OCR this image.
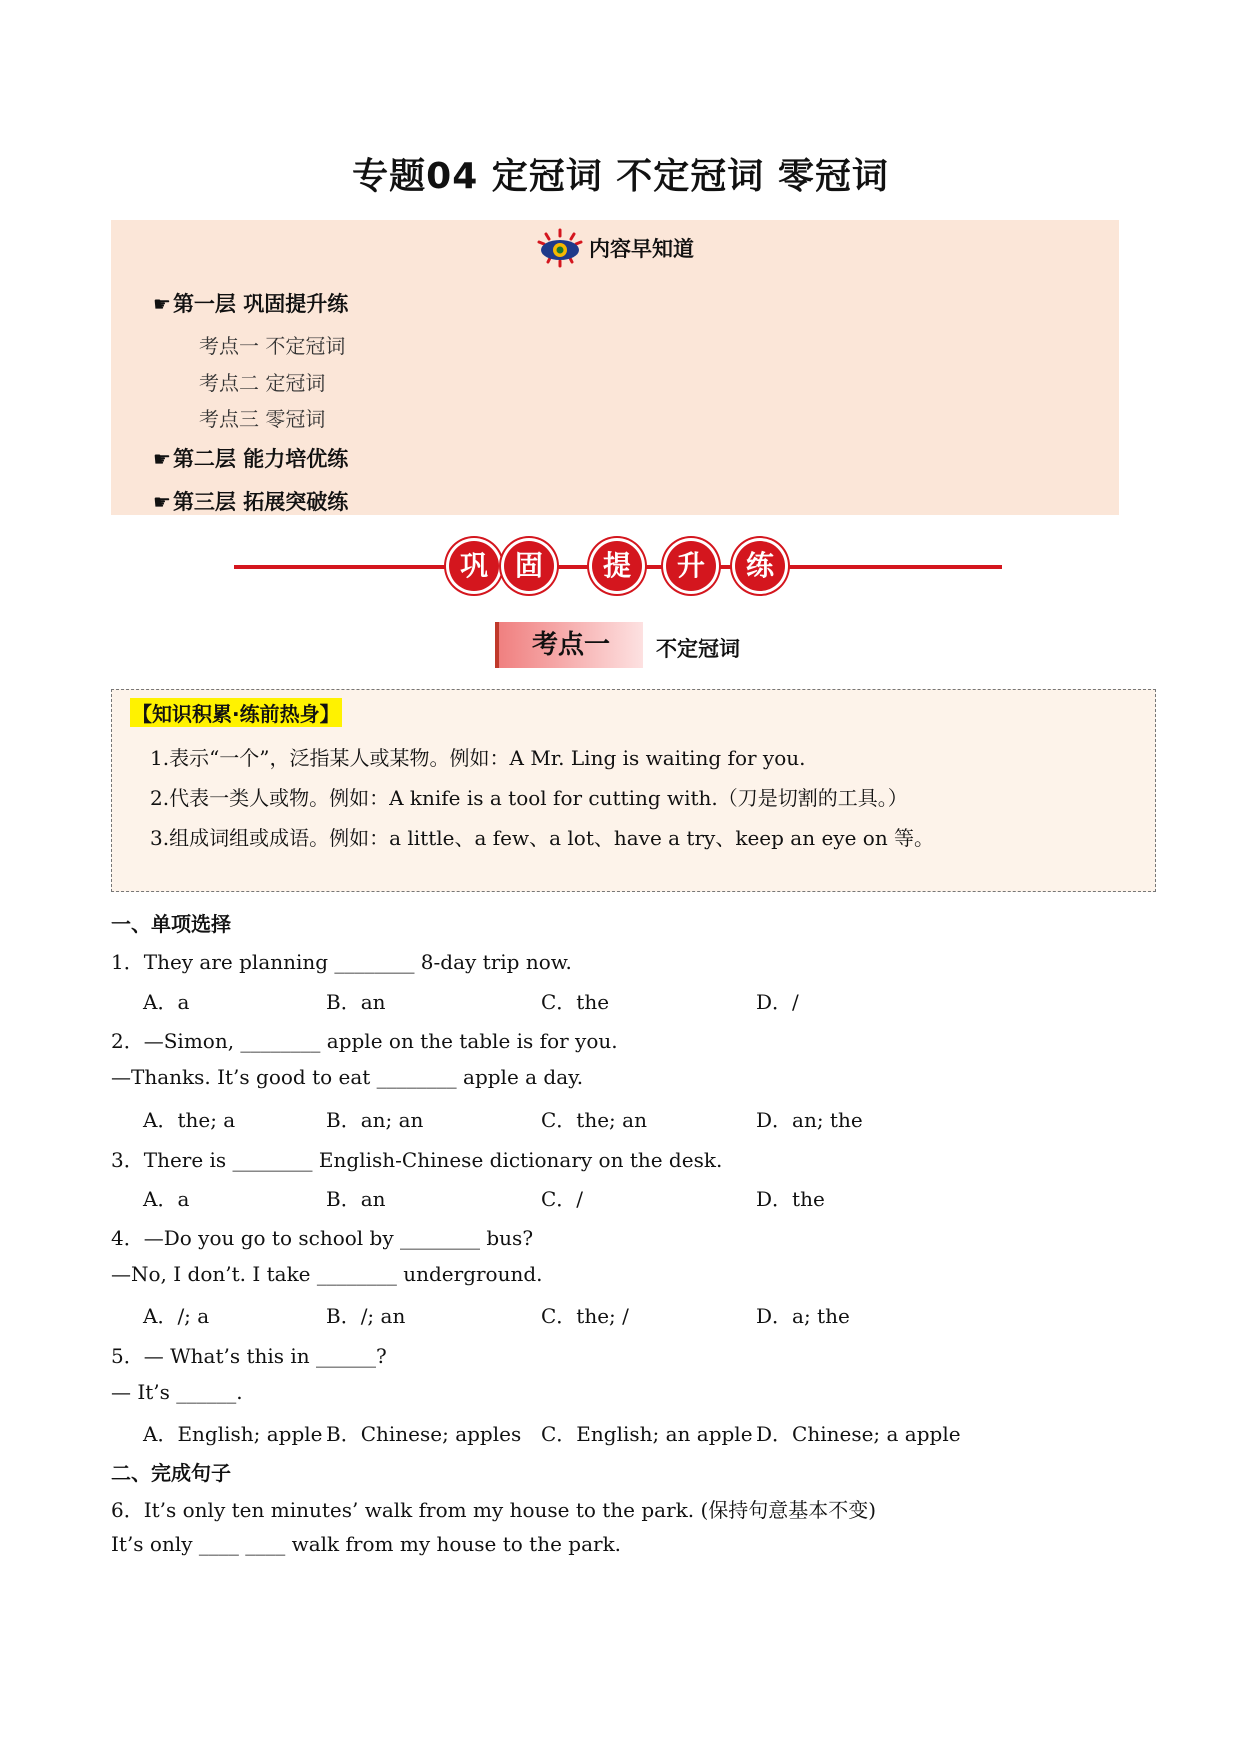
专题04 定冠词 不定冠词 零冠词
内容早知道
☛第一层 巩固提升练
考点一 不定冠词
考点二 定冠词
考点三 零冠词
☛第二层 能力培优练
☛第三层 拓展突破练
巩 固	提	升	练
考点一	不定冠词
【知识积累·练前热身】
1.表示“一个”，泛指某人或某物。例如：A Mr. Ling is waiting for you.
2.代表一类人或物。例如：A knife is a tool for cutting with.（刀是切割的工具。）
3.组成词组或成语。例如：a little、a few、a lot、have a try、keep an eye on 等。
一、单项选择
1．They are planning ________ 8-day trip now.
A．a	B．an	C．the	D．/
2．—Simon, ________ apple on the table is for you.
—Thanks. It’s good to eat ________ apple a day.
A．the; a	B．an; an	C．the; an	D．an; the
3．There is ________ English-Chinese dictionary on the desk.
A．a	B．an	C．/	D．the
4．—Do you go to school by ________ bus?
—No, I don’t. I take ________ underground.
A．/; a	B．/; an	C．the; /	D．a; the
5．— What’s this in ______?
— It’s ______.
A．English; apple B．Chinese; apples C．English; an apple D．Chinese; a apple
二、完成句子
6．It’s only ten minutes’ walk from my house to the park. (保持句意基本不变)
It’s only ____ ____ walk from my house to the park.
